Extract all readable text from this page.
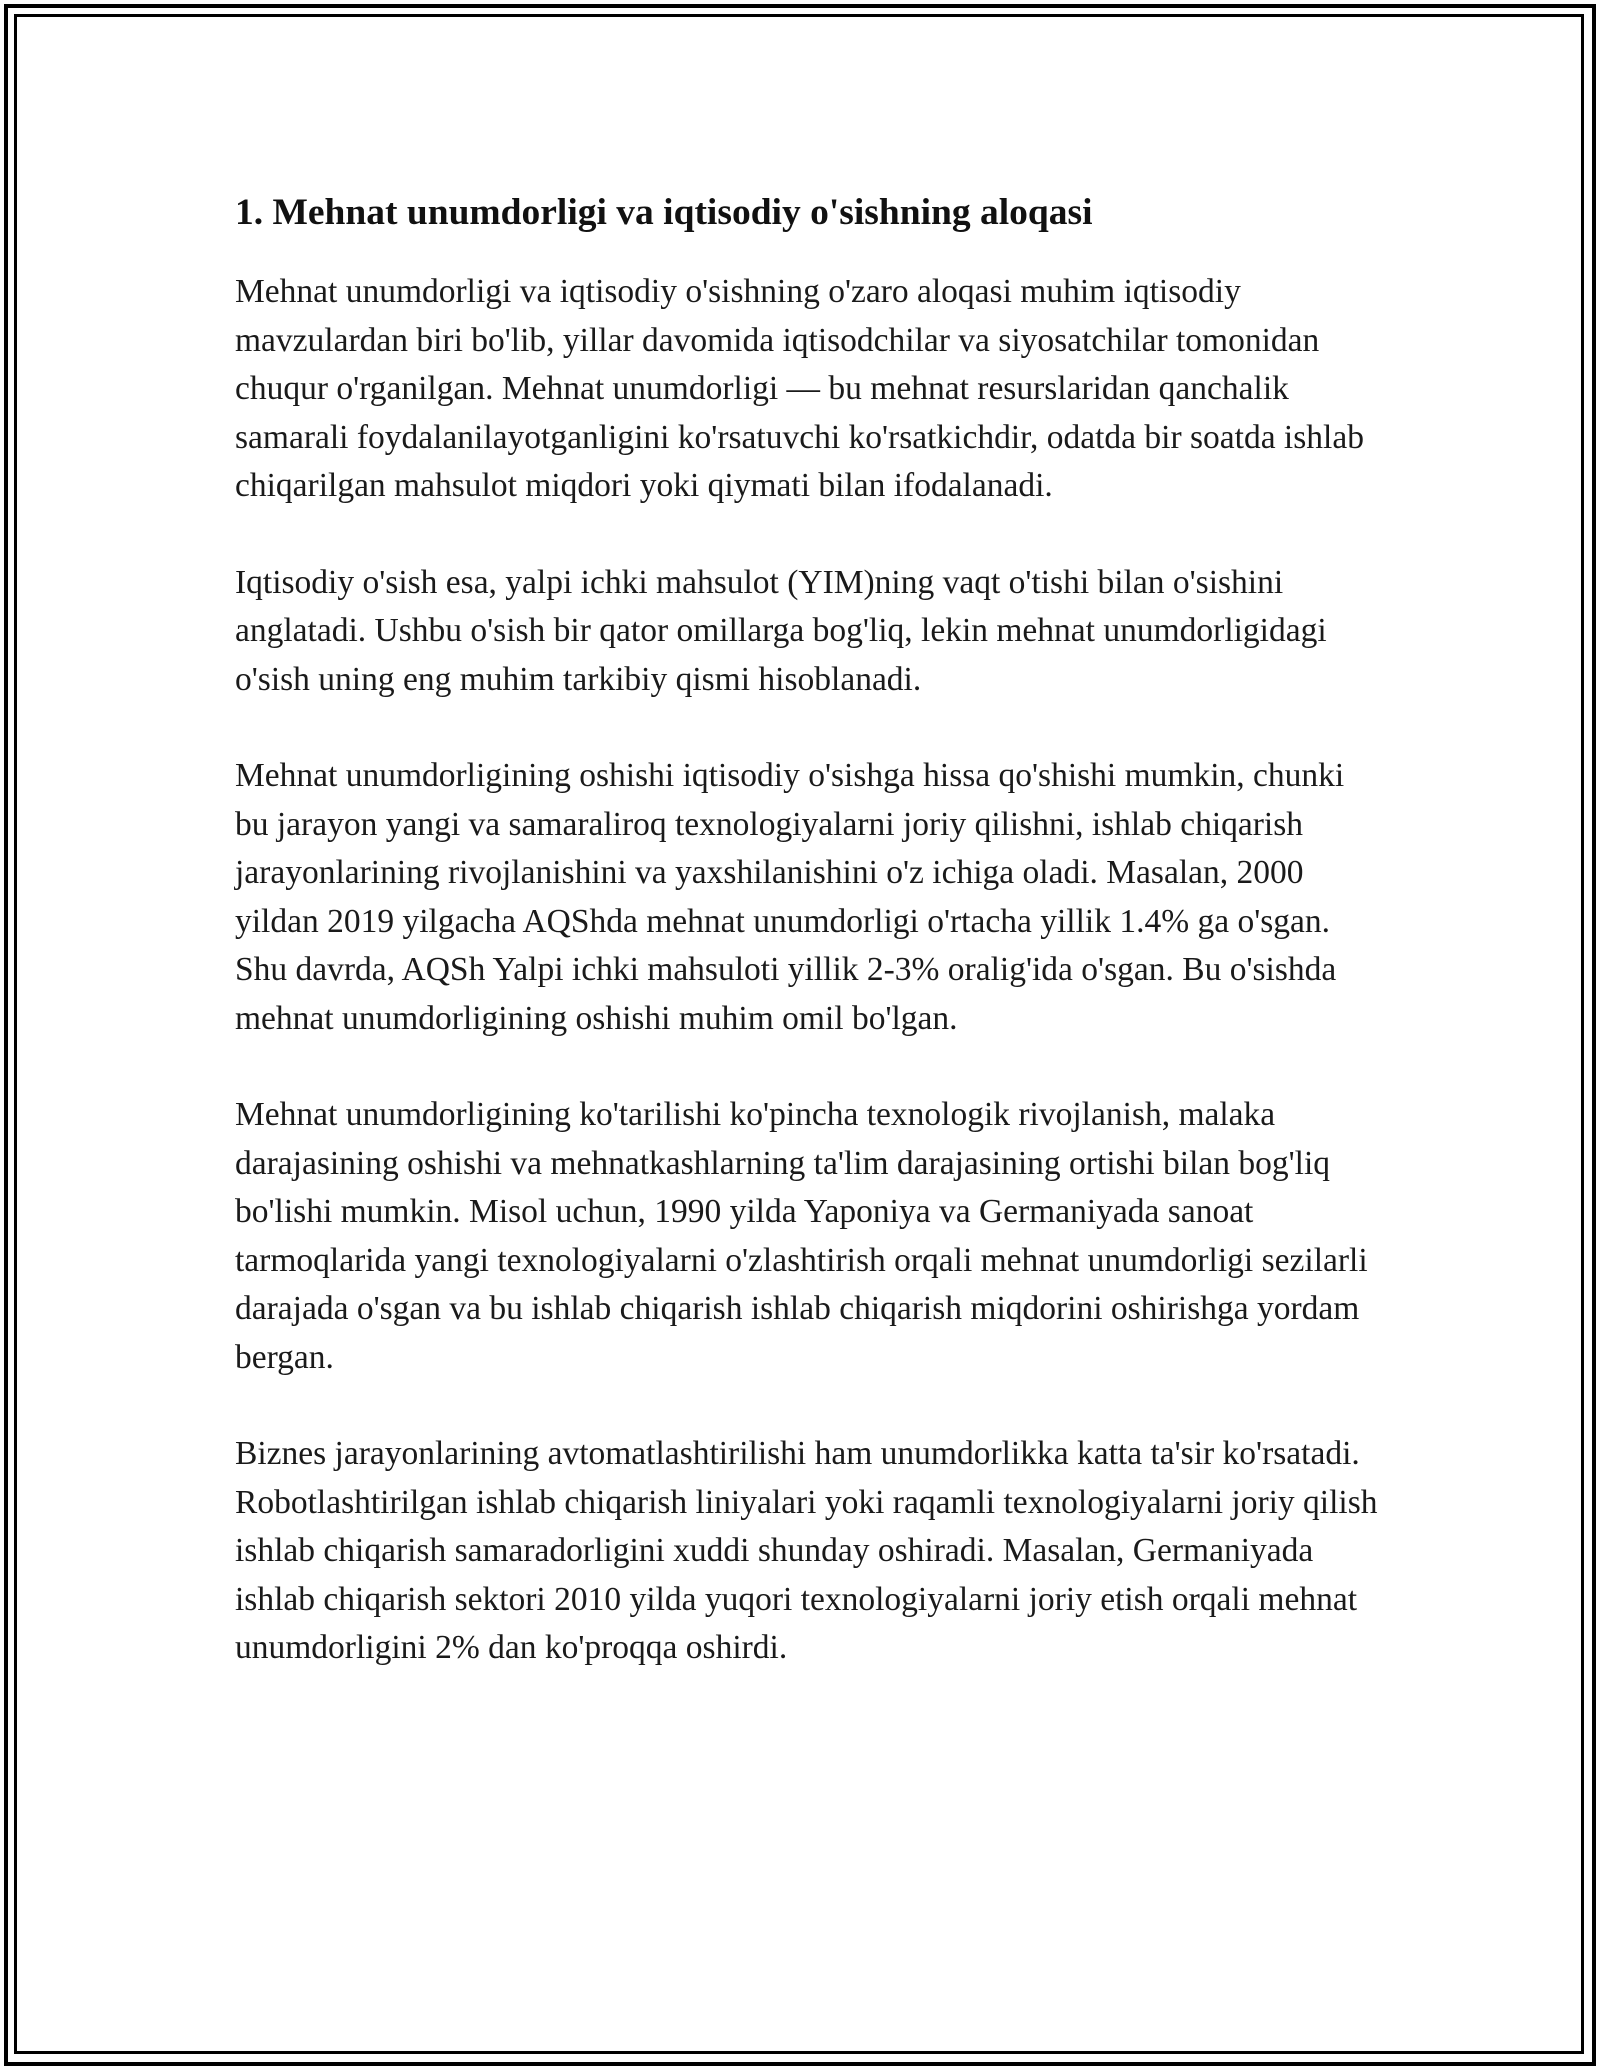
1. Mehnat unumdorligi va iqtisodiy o'sishning aloqasi

Mehnat unumdorligi va iqtisodiy o'sishning o'zaro aloqasi muhim iqtisodiy mavzulardan biri bo'lib, yillar davomida iqtisodchilar va siyosatchilar tomonidan chuqur o'rganilgan. Mehnat unumdorligi — bu mehnat resurslaridan qanchalik samarali foydalanilayotganligini ko'rsatuvchi ko'rsatkichdir, odatda bir soatda ishlab chiqarilgan mahsulot miqdori yoki qiymati bilan ifodalanadi.

Iqtisodiy o'sish esa, yalpi ichki mahsulot (YIM)ning vaqt o'tishi bilan o'sishini anglatadi. Ushbu o'sish bir qator omillarga bog'liq, lekin mehnat unumdorligidagi o'sish uning eng muhim tarkibiy qismi hisoblanadi.

Mehnat unumdorligining oshishi iqtisodiy o'sishga hissa qo'shishi mumkin, chunki bu jarayon yangi va samaraliroq texnologiyalarni joriy qilishni, ishlab chiqarish jarayonlarining rivojlanishini va yaxshilanishini o'z ichiga oladi. Masalan, 2000 yildan 2019 yilgacha AQShda mehnat unumdorligi o'rtacha yillik 1.4% ga o'sgan. Shu davrda, AQSh Yalpi ichki mahsuloti yillik 2-3% oralig'ida o'sgan. Bu o'sishda mehnat unumdorligining oshishi muhim omil bo'lgan.

Mehnat unumdorligining ko'tarilishi ko'pincha texnologik rivojlanish, malaka darajasining oshishi va mehnatkashlarning ta'lim darajasining ortishi bilan bog'liq bo'lishi mumkin. Misol uchun, 1990 yilda Yaponiya va Germaniyada sanoat tarmoqlarida yangi texnologiyalarni o'zlashtirish orqali mehnat unumdorligi sezilarli darajada o'sgan va bu ishlab chiqarish ishlab chiqarish miqdorini oshirishga yordam bergan.

Biznes jarayonlarining avtomatlashtirilishi ham unumdorlikka katta ta'sir ko'rsatadi. Robotlashtirilgan ishlab chiqarish liniyalari yoki raqamli texnologiyalarni joriy qilish ishlab chiqarish samaradorligini xuddi shunday oshiradi. Masalan, Germaniyada ishlab chiqarish sektori 2010 yilda yuqori texnologiyalarni joriy etish orqali mehnat unumdorligini 2% dan ko'proqqa oshirdi.
